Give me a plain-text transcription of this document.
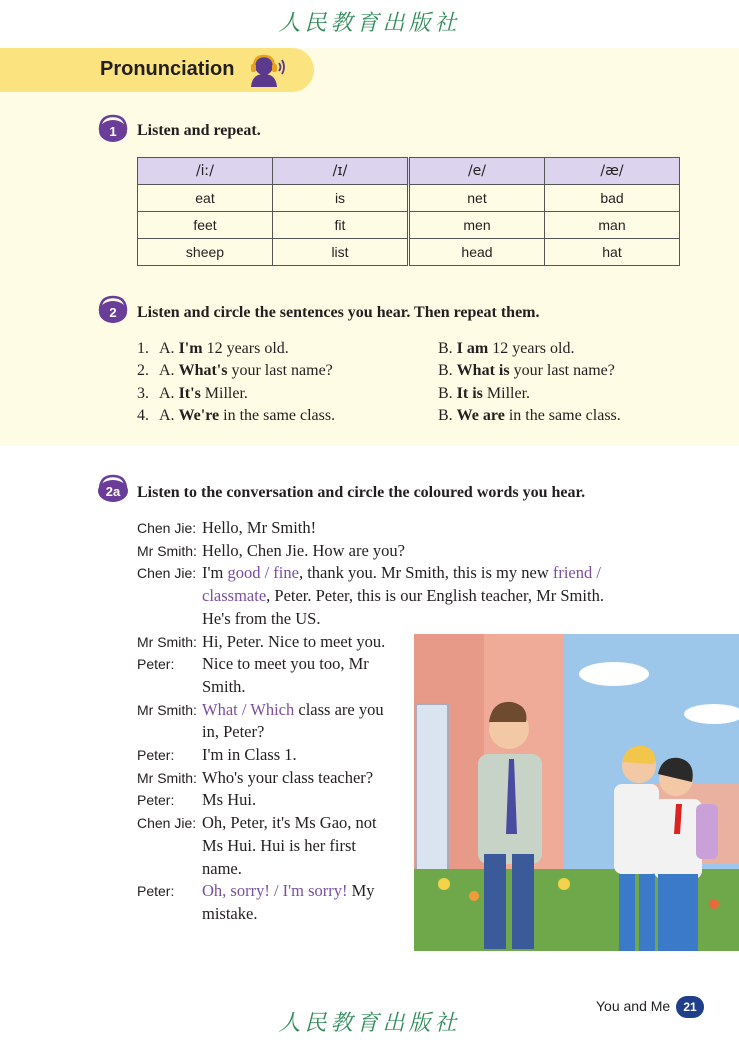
人民教育出版社
Pronunciation
1 Listen and repeat.
/iː/	/ɪ/	/e/	/æ/
eat	is	net	bad
feet	fit	men	man
sheep	list	head	hat
2 Listen and circle the sentences you hear. Then repeat them.
1. A. I'm 12 years old.	B. I am 12 years old.
2. A. What's your last name?	B. What is your last name?
3. A. It's Miller.	B. It is Miller.
4. A. We're in the same class.	B. We are in the same class.
2a Listen to the conversation and circle the coloured words you hear.
Chen Jie: Hello, Mr Smith!
Mr Smith: Hello, Chen Jie. How are you?
Chen Jie: I'm good / fine, thank you. Mr Smith, this is my new friend /
classmate, Peter. Peter, this is our English teacher, Mr Smith.
He's from the US.
Mr Smith: Hi, Peter. Nice to meet you.
Peter: Nice to meet you too, Mr
Smith.
Mr Smith: What / Which class are you
in, Peter?
Peter: I'm in Class 1.
Mr Smith: Who's your class teacher?
Peter: Ms Hui.
Chen Jie: Oh, Peter, it's Ms Gao, not
Ms Hui. Hui is her first
name.
Peter: Oh, sorry! / I'm sorry! My
mistake.
You and Me	21
人民教育出版社
